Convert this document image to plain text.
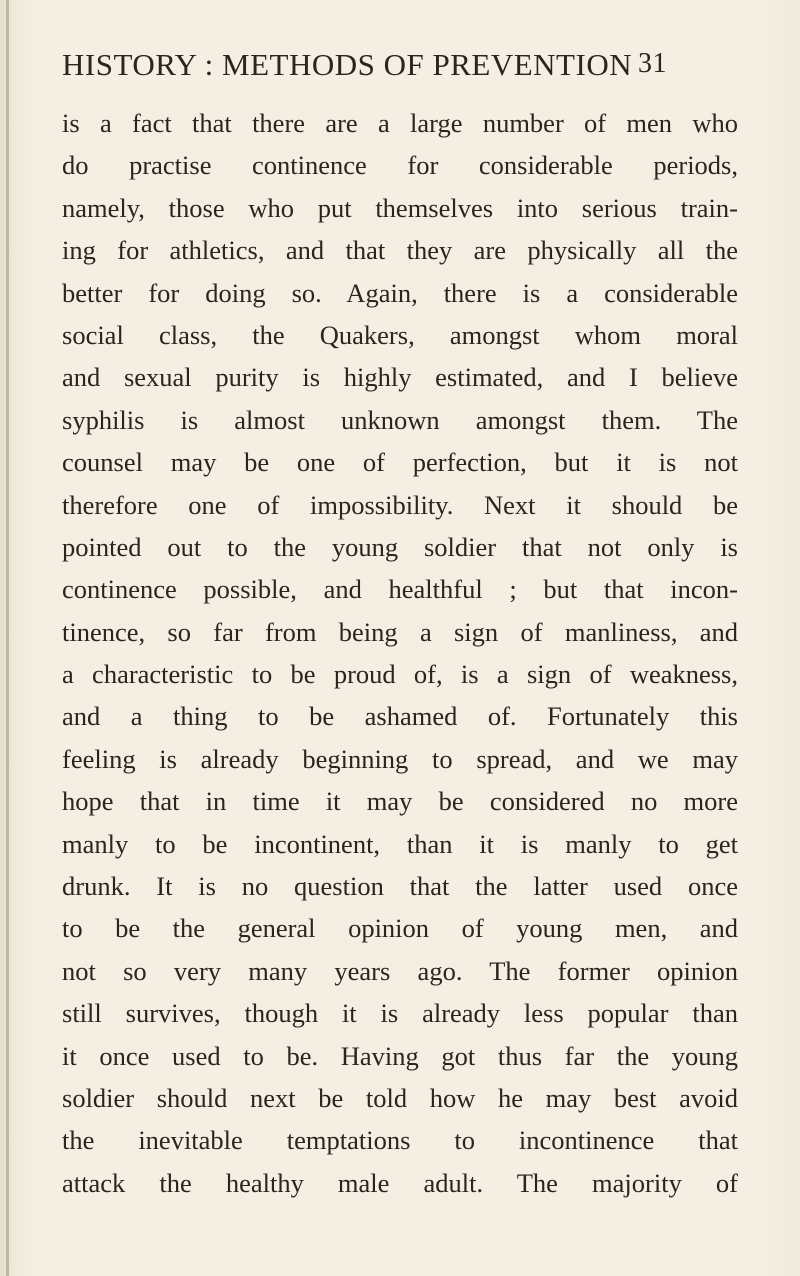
HISTORY : METHODS OF PREVENTION 31
is a fact that there are a large number of men who
do practise continence for considerable periods,
namely, those who put themselves into serious train-
ing for athletics, and that they are physically all the
better for doing so. Again, there is a considerable
social class, the Quakers, amongst whom moral
and sexual purity is highly estimated, and I believe
syphilis is almost unknown amongst them. The
counsel may be one of perfection, but it is not
therefore one of impossibility. Next it should be
pointed out to the young soldier that not only is
continence possible, and healthful ; but that incon-
tinence, so far from being a sign of manliness, and
a characteristic to be proud of, is a sign of weakness,
and a thing to be ashamed of. Fortunately this
feeling is already beginning to spread, and we may
hope that in time it may be considered no more
manly to be incontinent, than it is manly to get
drunk. It is no question that the latter used once
to be the general opinion of young men, and
not so very many years ago. The former opinion
still survives, though it is already less popular than
it once used to be. Having got thus far the young
soldier should next be told how he may best avoid
the inevitable temptations to incontinence that
attack the healthy male adult. The majority of
